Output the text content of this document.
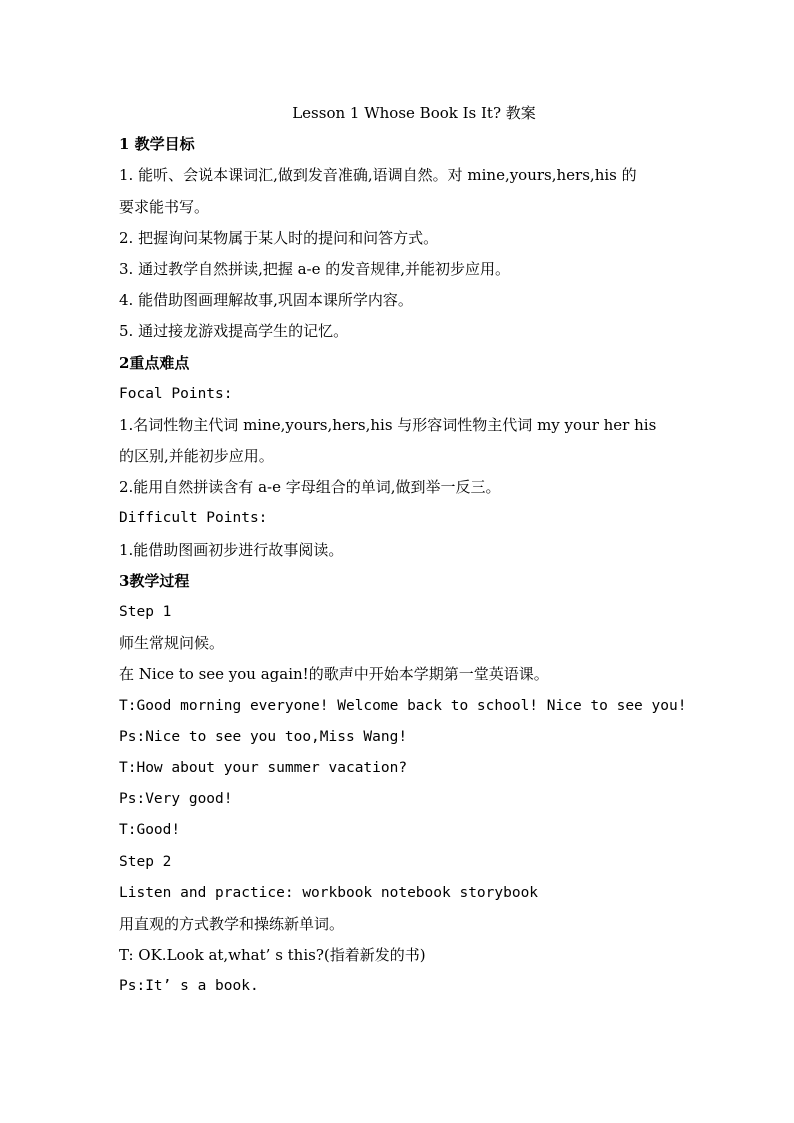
Lesson 1 Whose Book Is It? 教案
1 教学目标
1. 能听、会说本课词汇,做到发音准确,语调自然。对 mine,yours,hers,his 的
要求能书写。
2. 把握询问某物属于某人时的提问和问答方式。
3. 通过教学自然拼读,把握 a-e 的发音规律,并能初步应用。
4. 能借助图画理解故事,巩固本课所学内容。
5. 通过接龙游戏提高学生的记忆。
2重点难点
Focal Points:
1.名词性物主代词 mine,yours,hers,his 与形容词性物主代词 my your her his
的区别,并能初步应用。
2.能用自然拼读含有 a-e 字母组合的单词,做到举一反三。
Difficult Points:
1.能借助图画初步进行故事阅读。
3教学过程
Step 1
师生常规问候。
在 Nice to see you again!的歌声中开始本学期第一堂英语课。
T:Good morning everyone! Welcome back to school! Nice to see you!
Ps:Nice to see you too,Miss Wang!
T:How about your summer vacation?
Ps:Very good!
T:Good!
Step 2
Listen and practice: workbook notebook storybook
用直观的方式教学和操练新单词。
T: OK.Look at,what’ s this?(指着新发的书)
Ps:It’ s a book.
